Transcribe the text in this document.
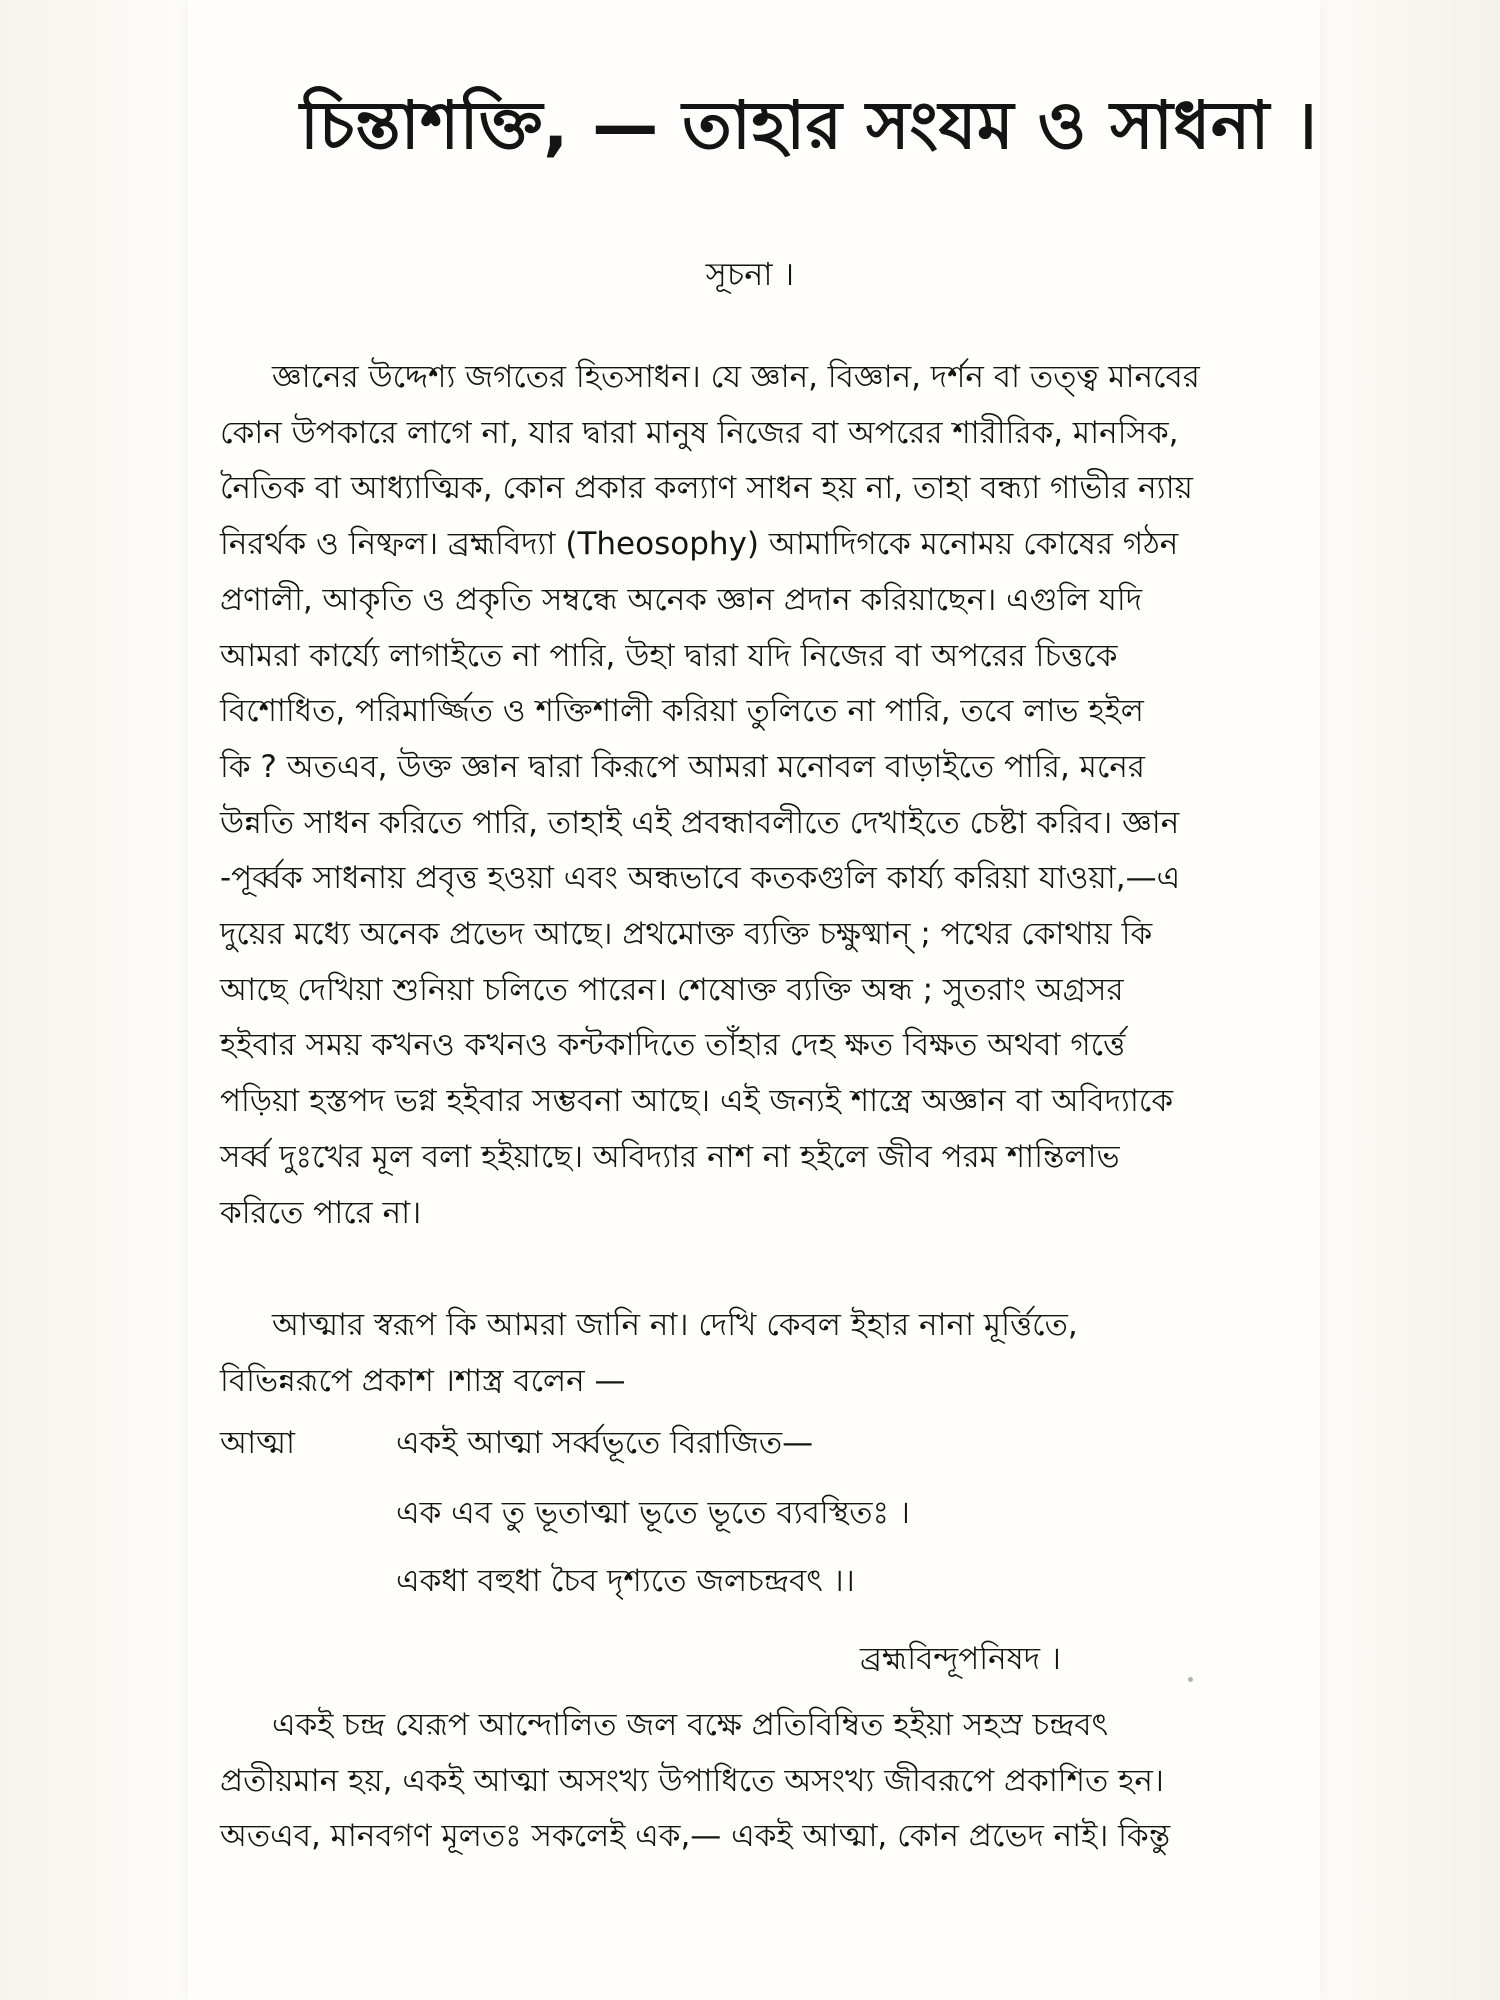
চিন্তাশক্তি, — তাহার সংযম ও সাধনা ।
সূচনা ।
জ্ঞানের উদ্দেশ্য জগতের হিতসাধন। যে জ্ঞান, বিজ্ঞান, দর্শন বা তত্ত্ব মানবের
কোন উপকারে লাগে না, যার দ্বারা মানুষ নিজের বা অপরের শারীরিক, মানসিক,
নৈতিক বা আধ্যাত্মিক, কোন প্রকার কল্যাণ সাধন হয় না, তাহা বন্ধ্যা গাভীর ন্যায়
নিরর্থক ও নিষ্ফল। ব্রহ্মবিদ্যা (Theosophy) আমাদিগকে মনোময় কোষের গঠন
প্রণালী, আকৃতি ও প্রকৃতি সম্বন্ধে অনেক জ্ঞান প্রদান করিয়াছেন। এগুলি যদি
আমরা কার্য্যে লাগাইতে না পারি, উহা দ্বারা যদি নিজের বা অপরের চিত্তকে
বিশোধিত, পরিমার্জ্জিত ও শক্তিশালী করিয়া তুলিতে না পারি, তবে লাভ হইল
কি ? অতএব, উক্ত জ্ঞান দ্বারা কিরূপে আমরা মনোবল বাড়াইতে পারি, মনের
উন্নতি সাধন করিতে পারি, তাহাই এই প্রবন্ধাবলীতে দেখাইতে চেষ্টা করিব। জ্ঞান
-পূর্ব্বক সাধনায় প্রবৃত্ত হওয়া এবং অন্ধভাবে কতকগুলি কার্য্য করিয়া যাওয়া,—এ
দুয়ের মধ্যে অনেক প্রভেদ আছে। প্রথমোক্ত ব্যক্তি চক্ষুষ্মান্ ; পথের কোথায় কি
আছে দেখিয়া শুনিয়া চলিতে পারেন। শেষোক্ত ব্যক্তি অন্ধ ; সুতরাং অগ্রসর
হইবার সময় কখনও কখনও কন্টকাদিতে তাঁহার দেহ ক্ষত বিক্ষত অথবা গর্ত্তে
পড়িয়া হস্তপদ ভগ্ন হইবার সম্ভবনা আছে। এই জন্যই শাস্ত্রে অজ্ঞান বা অবিদ্যাকে
সর্ব্ব দুঃখের মূল বলা হইয়াছে। অবিদ্যার নাশ না হইলে জীব পরম শান্তিলাভ
করিতে পারে না।
আত্মার স্বরূপ কি আমরা জানি না। দেখি কেবল ইহার নানা মূর্ত্তিতে,
বিভিন্নরূপে প্রকাশ ।শাস্ত্র বলেন —
আত্মা	একই আত্মা সর্ব্বভূতে বিরাজিত—
এক এব তু ভূতাত্মা ভূতে ভূতে ব্যবস্থিতঃ ।
একধা বহুধা চৈব দৃশ্যতে জলচন্দ্রবৎ ।।
ব্রহ্মবিন্দূপনিষদ ।
একই চন্দ্র যেরূপ আন্দোলিত জল বক্ষে প্রতিবিম্বিত হইয়া সহস্র চন্দ্রবৎ
প্রতীয়মান হয়, একই আত্মা অসংখ্য উপাধিতে অসংখ্য জীবরূপে প্রকাশিত হন।
অতএব, মানবগণ মূলতঃ সকলেই এক,— একই আত্মা, কোন প্রভেদ নাই। কিন্তু
